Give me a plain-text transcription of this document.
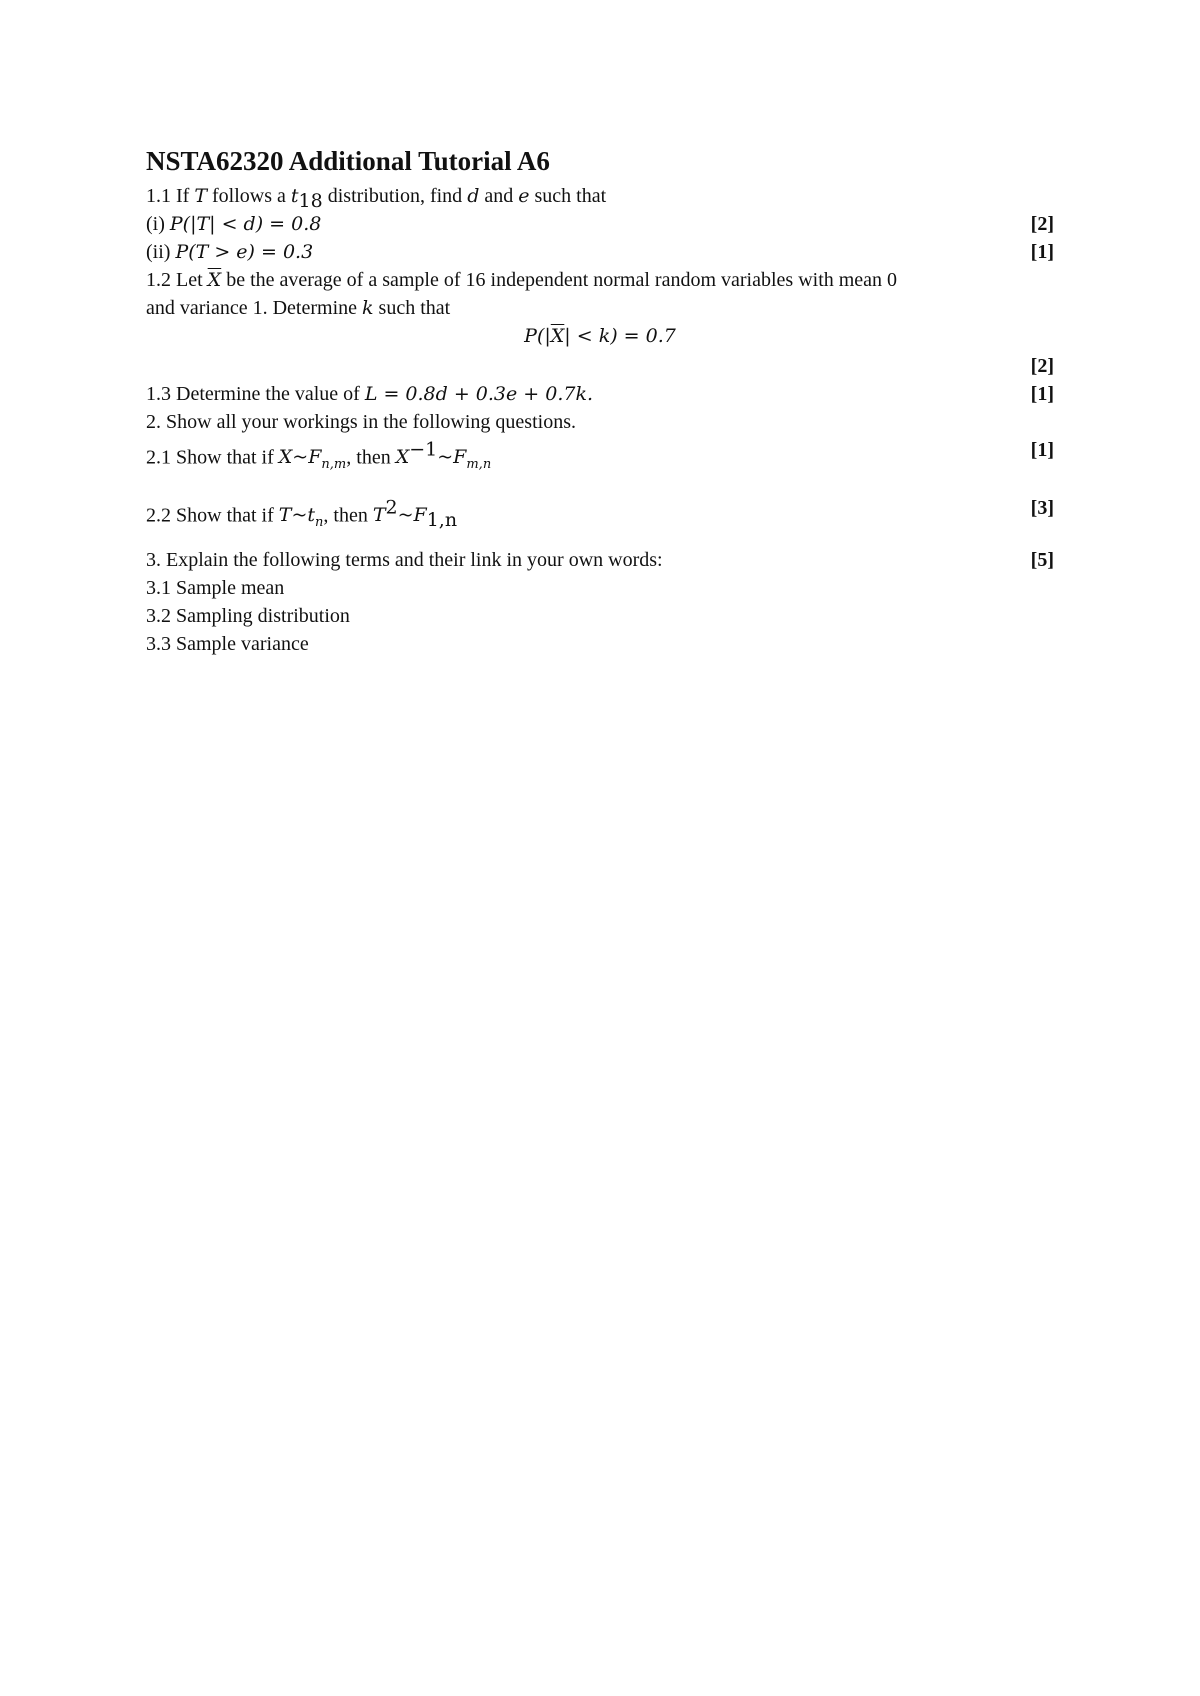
NSTA62320 Additional Tutorial A6
1.1 If T follows a $t_{18}$ distribution, find d and e such that
(i) P(|T| < d) = 0.8	[2]
(ii) P(T > e) = 0.3	[1]
1.2 Let $\overline{X}$ be the average of a sample of 16 independent normal random variables with mean 0
and variance 1. Determine k such that
$P(|\overline{X}| < k) = 0.7$
[2]
1.3 Determine the value of L = 0.8d + 0.3e + 0.7k.	[1]
2. Show all your workings in the following questions.
2.1 Show that if $X\sim F_{n,m}$, then $X^{-1}\sim F_{m,n}$
[1]
2.2 Show that if $T\sim t_n$, then $T^2\sim F_{1,n}$
[3]
3. Explain the following terms and their link in your own words:	[5]
3.1 Sample mean
3.2 Sampling distribution
3.3 Sample variance
